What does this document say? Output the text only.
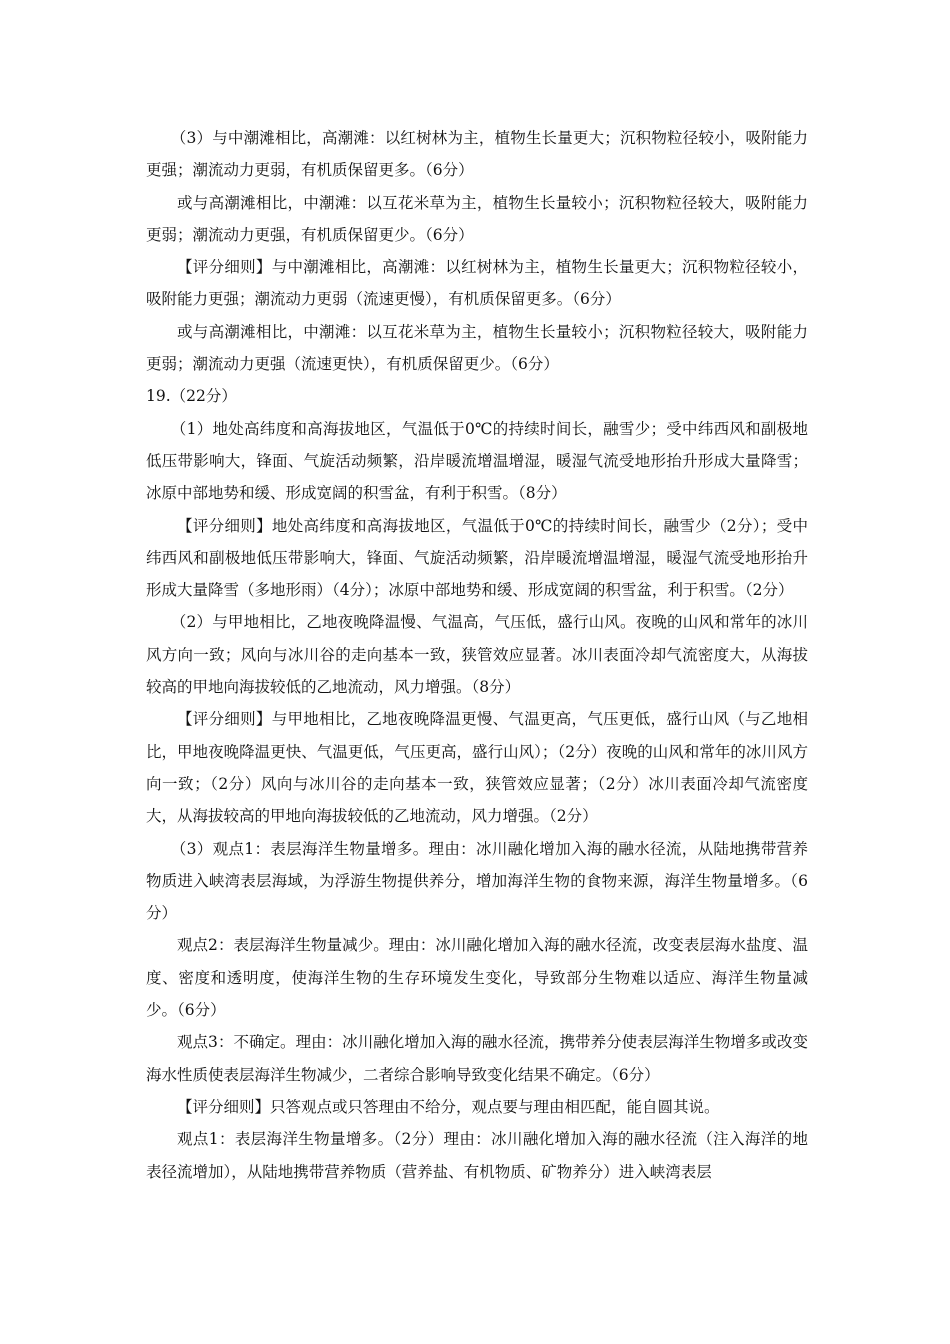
（3）与中潮滩相比，高潮滩：以红树林为主，植物生长量更大；沉积物粒径较小，吸附能力更强；潮流动力更弱，有机质保留更多。（6分）

或与高潮滩相比，中潮滩：以互花米草为主，植物生长量较小；沉积物粒径较大，吸附能力更弱；潮流动力更强，有机质保留更少。（6分）

【评分细则】与中潮滩相比，高潮滩：以红树林为主，植物生长量更大；沉积物粒径较小，吸附能力更强；潮流动力更弱（流速更慢），有机质保留更多。（6分）

或与高潮滩相比，中潮滩：以互花米草为主，植物生长量较小；沉积物粒径较大，吸附能力更弱；潮流动力更强（流速更快），有机质保留更少。（6分）

19.（22分）

（1）地处高纬度和高海拔地区，气温低于0℃的持续时间长，融雪少；受中纬西风和副极地低压带影响大，锋面、气旋活动频繁，沿岸暖流增温增湿，暖湿气流受地形抬升形成大量降雪；冰原中部地势和缓、形成宽阔的积雪盆，有利于积雪。（8分）

【评分细则】地处高纬度和高海拔地区，气温低于0℃的持续时间长，融雪少（2分）；受中纬西风和副极地低压带影响大，锋面、气旋活动频繁，沿岸暖流增温增湿，暖湿气流受地形抬升形成大量降雪（多地形雨）（4分）；冰原中部地势和缓、形成宽阔的积雪盆，利于积雪。（2分）

（2）与甲地相比，乙地夜晚降温慢、气温高，气压低，盛行山风。夜晚的山风和常年的冰川风方向一致；风向与冰川谷的走向基本一致，狭管效应显著。冰川表面冷却气流密度大，从海拔较高的甲地向海拔较低的乙地流动，风力增强。（8分）

【评分细则】与甲地相比，乙地夜晚降温更慢、气温更高，气压更低，盛行山风（与乙地相比，甲地夜晚降温更快、气温更低，气压更高，盛行山风）；（2分）夜晚的山风和常年的冰川风方向一致；（2分）风向与冰川谷的走向基本一致，狭管效应显著；（2分）冰川表面冷却气流密度大，从海拔较高的甲地向海拔较低的乙地流动，风力增强。（2分）

（3）观点1：表层海洋生物量增多。理由：冰川融化增加入海的融水径流，从陆地携带营养物质进入峡湾表层海域，为浮游生物提供养分，增加海洋生物的食物来源，海洋生物量增多。（6分）

观点2：表层海洋生物量减少。理由：冰川融化增加入海的融水径流，改变表层海水盐度、温度、密度和透明度，使海洋生物的生存环境发生变化，导致部分生物难以适应、海洋生物量减少。（6分）

观点3：不确定。理由：冰川融化增加入海的融水径流，携带养分使表层海洋生物增多或改变海水性质使表层海洋生物减少，二者综合影响导致变化结果不确定。（6分）

【评分细则】只答观点或只答理由不给分，观点要与理由相匹配，能自圆其说。

观点1：表层海洋生物量增多。（2分）理由：冰川融化增加入海的融水径流（注入海洋的地表径流增加），从陆地携带营养物质（营养盐、有机物质、矿物养分）进入峡湾表层
